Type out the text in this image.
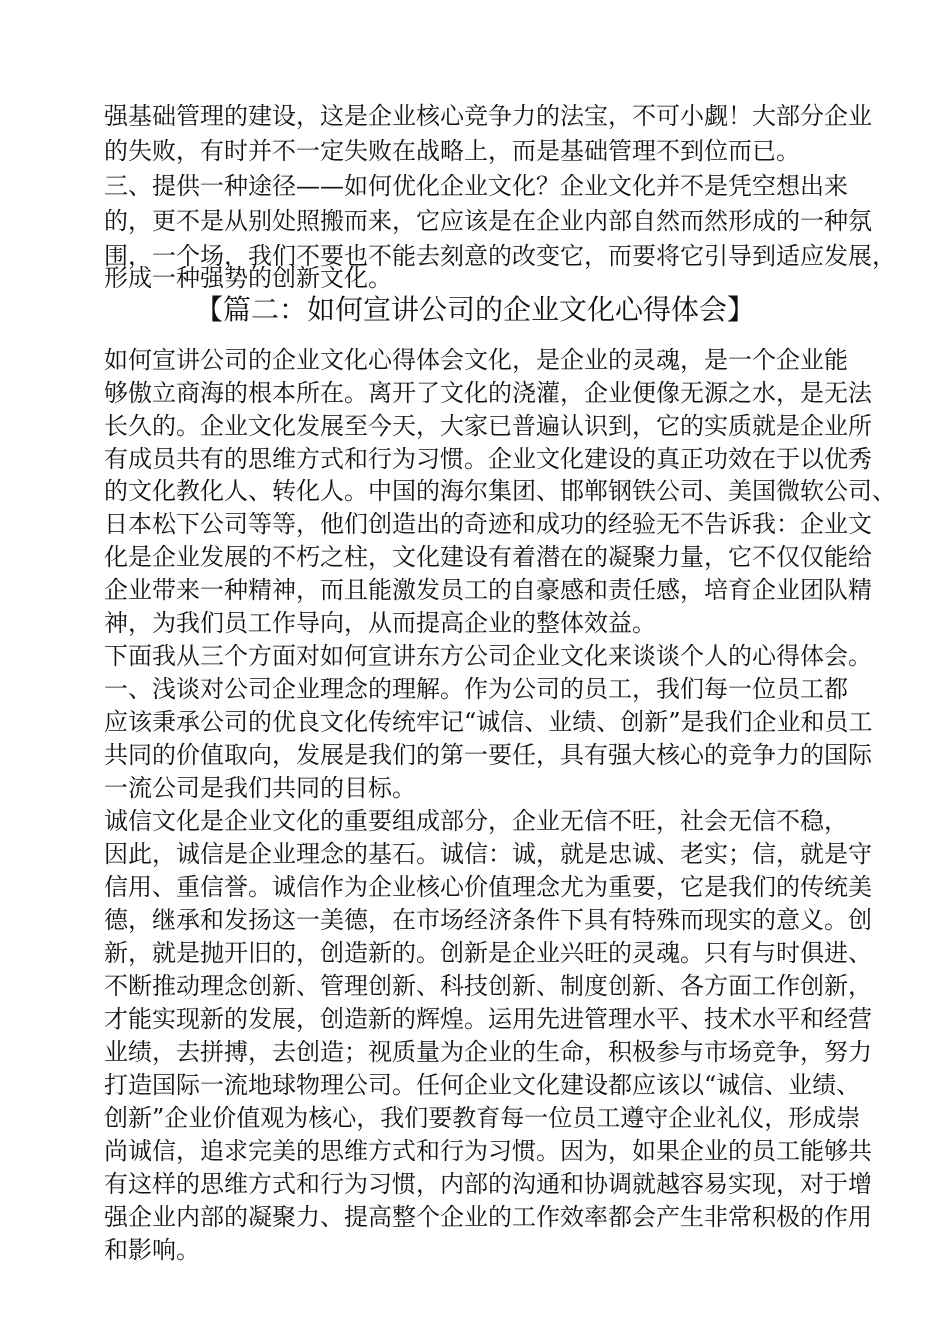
强基础管理的建设，这是企业核心竞争力的法宝，不可小觑！大部分企业
的失败，有时并不一定失败在战略上，而是基础管理不到位而已。
三、提供一种途径——如何优化企业文化？企业文化并不是凭空想出来
的，更不是从别处照搬而来，它应该是在企业内部自然而然形成的一种氛
围，一个场，我们不要也不能去刻意的改变它，而要将它引导到适应发展，
形成一种强势的创新文化。
【篇二：如何宣讲公司的企业文化心得体会】
如何宣讲公司的企业文化心得体会文化，是企业的灵魂，是一个企业能
够傲立商海的根本所在。离开了文化的浇灌，企业便像无源之水，是无法
长久的。企业文化发展至今天，大家已普遍认识到，它的实质就是企业所
有成员共有的思维方式和行为习惯。企业文化建设的真正功效在于以优秀
的文化教化人、转化人。中国的海尔集团、邯郸钢铁公司、美国微软公司、
日本松下公司等等，他们创造出的奇迹和成功的经验无不告诉我：企业文
化是企业发展的不朽之柱，文化建设有着潜在的凝聚力量，它不仅仅能给
企业带来一种精神，而且能激发员工的自豪感和责任感，培育企业团队精
神，为我们员工作导向，从而提高企业的整体效益。
下面我从三个方面对如何宣讲东方公司企业文化来谈谈个人的心得体会。
一、浅谈对公司企业理念的理解。作为公司的员工，我们每一位员工都
应该秉承公司的优良文化传统牢记“诚信、业绩、创新”是我们企业和员工
共同的价值取向，发展是我们的第一要任，具有强大核心的竞争力的国际
一流公司是我们共同的目标。
诚信文化是企业文化的重要组成部分，企业无信不旺，社会无信不稳，
因此，诚信是企业理念的基石。诚信：诚，就是忠诚、老实；信，就是守
信用、重信誉。诚信作为企业核心价值理念尤为重要，它是我们的传统美
德，继承和发扬这一美德，在市场经济条件下具有特殊而现实的意义。创
新，就是抛开旧的，创造新的。创新是企业兴旺的灵魂。只有与时俱进、
不断推动理念创新、管理创新、科技创新、制度创新、各方面工作创新，
才能实现新的发展，创造新的辉煌。运用先进管理水平、技术水平和经营
业绩，去拼搏，去创造；视质量为企业的生命，积极参与市场竞争，努力
打造国际一流地球物理公司。任何企业文化建设都应该以“诚信、业绩、
创新”企业价值观为核心，我们要教育每一位员工遵守企业礼仪，形成崇
尚诚信，追求完美的思维方式和行为习惯。因为，如果企业的员工能够共
有这样的思维方式和行为习惯，内部的沟通和协调就越容易实现，对于增
强企业内部的凝聚力、提高整个企业的工作效率都会产生非常积极的作用
和影响。
